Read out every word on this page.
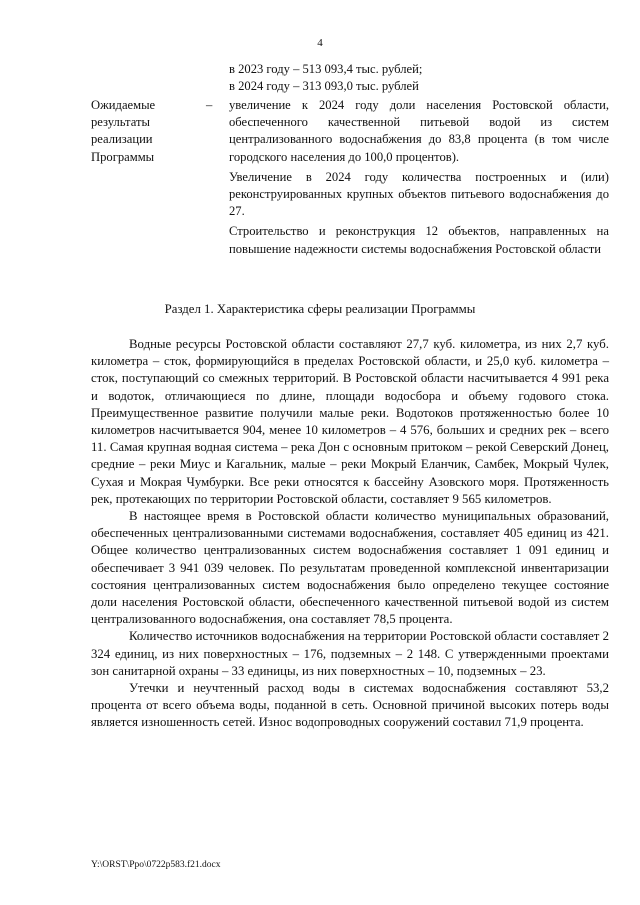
4
в 2023 году – 513 093,4 тыс. рублей;
в 2024 году – 313 093,0 тыс. рублей
Ожидаемые
результаты
реализации
Программы
– увеличение к 2024 году доли населения Ростовской области, обеспеченного качественной питьевой водой из систем централизованного водоснабжения до 83,8 процента (в том числе городского населения до 100,0 процентов).

Увеличение в 2024 году количества построенных и (или) реконструированных крупных объектов питьевого водоснабжения до 27.

Строительство и реконструкция 12 объектов, направленных на повышение надежности системы водоснабжения Ростовской области

Раздел 1. Характеристика сферы реализации Программы

Водные ресурсы Ростовской области составляют 27,7 куб. километра, из них 2,7 куб. километра – сток, формирующийся в пределах Ростовской области, и 25,0 куб. километра – сток, поступающий со смежных территорий. В Ростовской области насчитывается 4 991 река и водоток, отличающиеся по длине, площади водосбора и объему годового стока. Преимущественное развитие получили малые реки. Водотоков протяженностью более 10 километров насчитывается 904, менее 10 километров – 4 576, больших и средних рек – всего 11. Самая крупная водная система – река Дон с основным притоком – рекой Северский Донец, средние – реки Миус и Кагальник, малые – реки Мокрый Еланчик, Самбек, Мокрый Чулек, Сухая и Мокрая Чумбурки. Все реки относятся к бассейну Азовского моря. Протяженность рек, протекающих по территории Ростовской области, составляет 9 565 километров.

В настоящее время в Ростовской области количество муниципальных образований, обеспеченных централизованными системами водоснабжения, составляет 405 единиц из 421. Общее количество централизованных систем водоснабжения составляет 1 091 единиц и обеспечивает 3 941 039 человек. По результатам проведенной комплексной инвентаризации состояния централизованных систем водоснабжения было определено текущее состояние доли населения Ростовской области, обеспеченного качественной питьевой водой из систем централизованного водоснабжения, она составляет 78,5 процента.

Количество источников водоснабжения на территории Ростовской области составляет 2 324 единиц, из них поверхностных – 176, подземных – 2 148. С утвержденными проектами зон санитарной охраны – 33 единицы, из них поверхностных – 10, подземных – 23.

Утечки и неучтенный расход воды в системах водоснабжения составляют 53,2 процента от всего объема воды, поданной в сеть. Основной причиной высоких потерь воды является изношенность сетей. Износ водопроводных сооружений составил 71,9 процента.

Y:\ORST\Ppo\0722p583.f21.docx
